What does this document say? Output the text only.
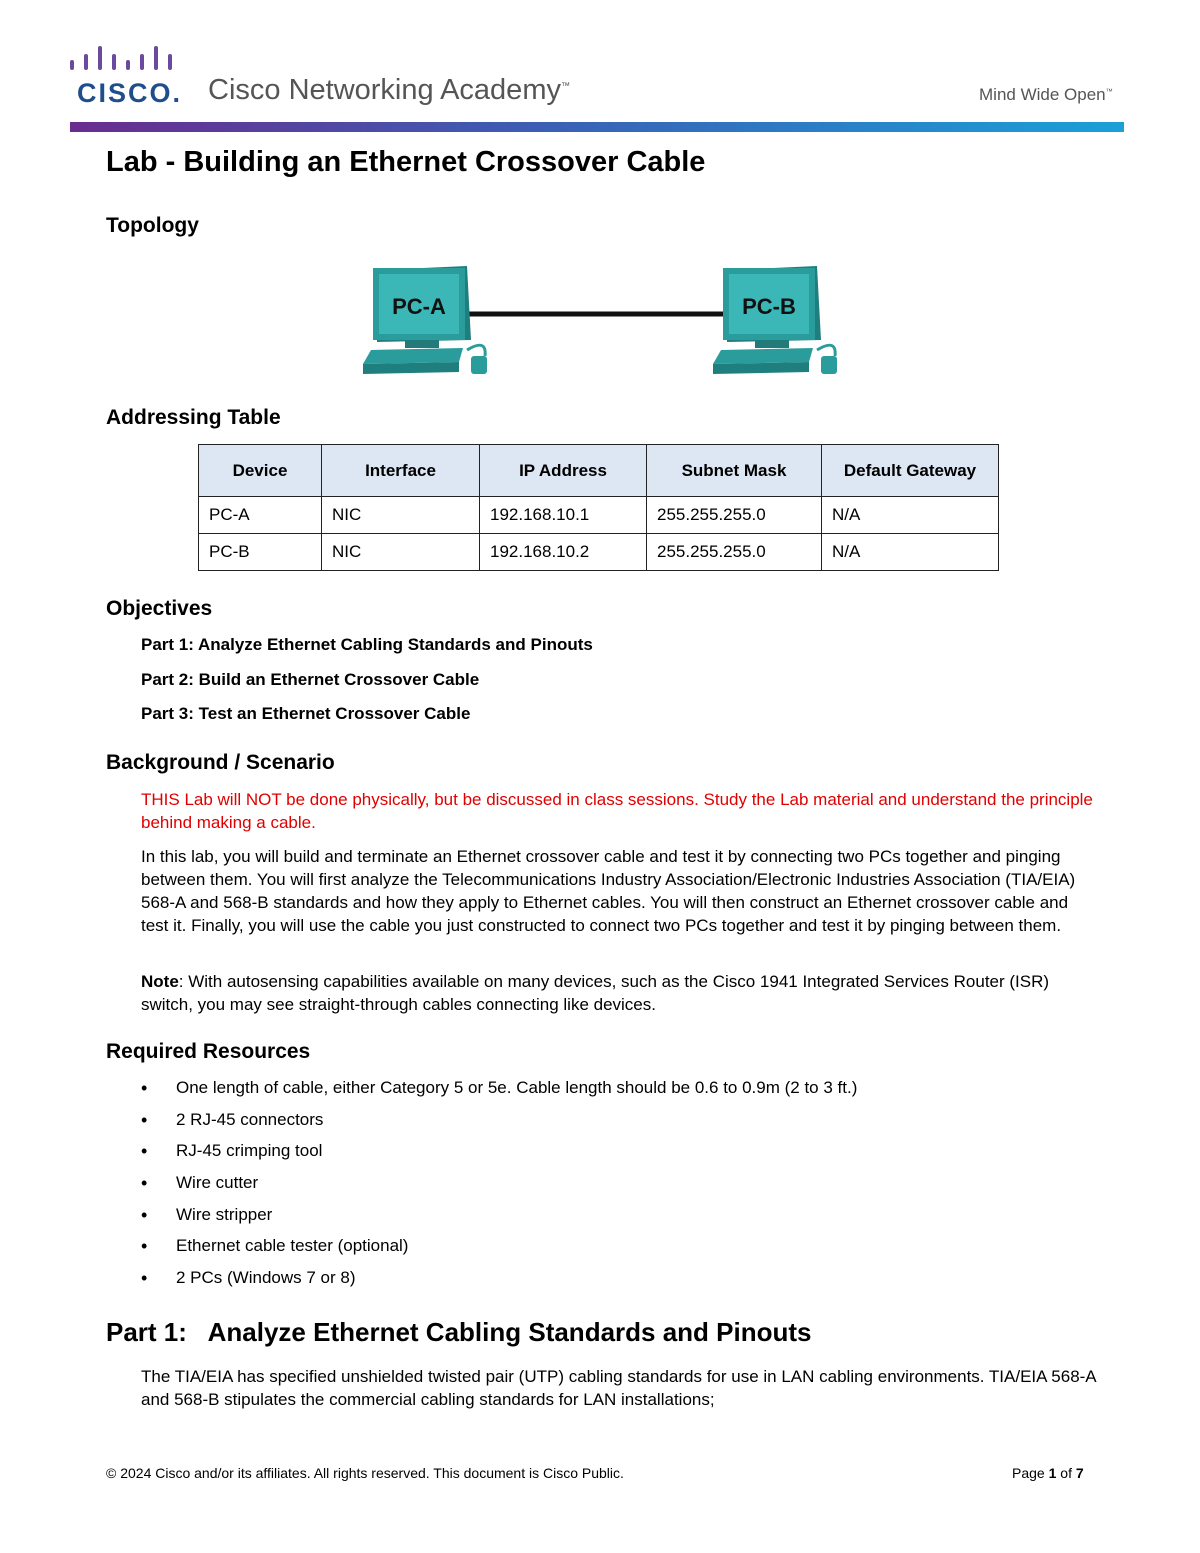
CISCO. Cisco Networking Academy™	Mind Wide Open™
Lab - Building an Ethernet Crossover Cable
Topology
PC-A	PC-B
Addressing Table
Device	Interface	IP Address	Subnet Mask	Default Gateway
PC-A	NIC	192.168.10.1	255.255.255.0	N/A
PC-B	NIC	192.168.10.2	255.255.255.0	N/A
Objectives
Part 1: Analyze Ethernet Cabling Standards and Pinouts
Part 2: Build an Ethernet Crossover Cable
Part 3: Test an Ethernet Crossover Cable
Background / Scenario

THIS Lab will NOT be done physically, but be discussed in class sessions. Study the Lab material and understand the principle behind making a cable.

In this lab, you will build and terminate an Ethernet crossover cable and test it by connecting two PCs together and pinging between them. You will first analyze the Telecommunications Industry Association/Electronic Industries Association (TIA/EIA) 568-A and 568-B standards and how they apply to Ethernet cables. You will then construct an Ethernet crossover cable and test it. Finally, you will use the cable you just constructed to connect two PCs together and test it by pinging between them.

Note: With autosensing capabilities available on many devices, such as the Cisco 1941 Integrated Services Router (ISR) switch, you may see straight-through cables connecting like devices.

Required Resources
• One length of cable, either Category 5 or 5e. Cable length should be 0.6 to 0.9m (2 to 3 ft.)
• 2 RJ-45 connectors
• RJ-45 crimping tool
• Wire cutter
• Wire stripper
• Ethernet cable tester (optional)
• 2 PCs (Windows 7 or 8)
Part 1:   Analyze Ethernet Cabling Standards and Pinouts

The TIA/EIA has specified unshielded twisted pair (UTP) cabling standards for use in LAN cabling environments. TIA/EIA 568-A and 568-B stipulates the commercial cabling standards for LAN installations;

© 2024 Cisco and/or its affiliates. All rights reserved. This document is Cisco Public.	Page 1 of 7
